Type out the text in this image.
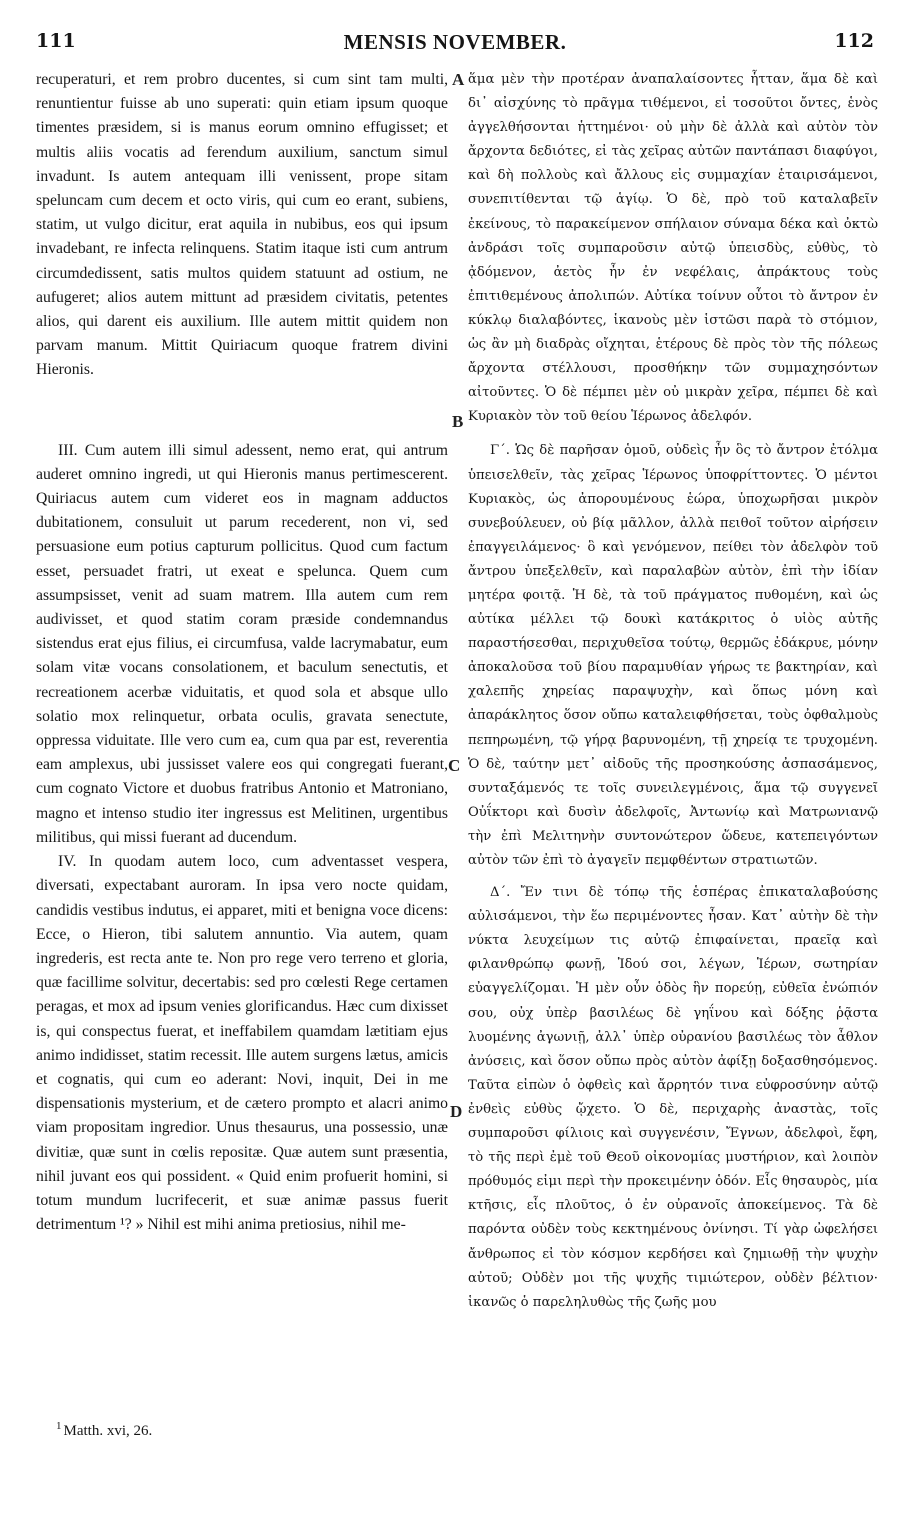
111	MENSIS NOVEMBER.	112

recuperaturi, et rem probro ducentes, si cum sint tam multi, renuntientur fuisse ab uno superati: quin etiam ipsum quoque timentes præsidem, si is manus eorum omnino effugisset; et multis aliis vocatis ad ferendum auxilium, sanctum simul invadunt. Is autem antequam illi venissent, prope sitam speluncam cum decem et octo viris, qui cum eo erant, subiens, statim, ut vulgo dicitur, erat aquila in nubibus, eos qui ipsum invadebant, re infecta relinquens. Statim itaque isti cum antrum circumdedissent, satis multos quidem statuunt ad ostium, ne aufugeret; alios autem mittunt ad præsidem civitatis, petentes alios, qui darent eis auxilium. Ille autem mittit quidem non parvam manum. Mittit Quiriacum quoque fratrem divini Hieronis.

III. Cum autem illi simul adessent, nemo erat, qui antrum auderet omnino ingredi, ut qui Hieronis manus pertimescerent. Quiriacus autem cum videret eos in magnam adductos dubitationem, consuluit ut parum recederent, non vi, sed persuasione eum potius capturum pollicitus. Quod cum factum esset, persuadet fratri, ut exeat e spelunca. Quem cum assumpsisset, venit ad suam matrem. Illa autem cum rem audivisset, et quod statim coram præside condemnandus sistendus erat ejus filius, ei circumfusa, valde lacrymabatur, eum solam vitæ vocans consolationem, et baculum senectutis, et recreationem acerbæ viduitatis, et quod sola et absque ullo solatio mox relinquetur, orbata oculis, gravata senectute, oppressa viduitate. Ille vero cum ea, cum qua par est, reverentia eam amplexus, ubi jussisset valere eos qui congregati fuerant, cum cognato Victore et duobus fratribus Antonio et Matroniano, magno et intenso studio iter ingressus est Melitinen, urgentibus militibus, qui missi fuerant ad ducendum.

IV. In quodam autem loco, cum adventasset vespera, diversati, expectabant auroram. In ipsa vero nocte quidam, candidis vestibus indutus, ei apparet, miti et benigna voce dicens: Ecce, o Hieron, tibi salutem annuntio. Via autem, quam ingrederis, est recta ante te. Non pro rege vero terreno et gloria, quæ facillime solvitur, decertabis: sed pro cœlesti Rege certamen peragas, et mox ad ipsum venies glorificandus. Hæc cum dixisset is, qui conspectus fuerat, et ineffabilem quamdam lætitiam ejus animo indidisset, statim recessit. Ille autem surgens lætus, amicis et cognatis, qui cum eo aderant: Novi, inquit, Dei in me dispensationis mysterium, et de cætero prompto et alacri animo viam propositam ingredior. Unus thesaurus, una possessio, unæ divitiæ, quæ sunt in cœlis repositæ. Quæ autem sunt præsentia, nihil juvant eos qui possident. « Quid enim profuerit homini, si totum mundum lucrifecerit, et suæ animæ passus fuerit detrimentum ¹? » Nihil est mihi anima pretiosius, nihil me-

ἅμα μὲν τὴν προτέραν ἀναπαλαίσοντες ἧτταν, ἅμα δὲ καὶ δι᾽ αἰσχύνης τὸ πρᾶγμα τιθέμενοι, εἰ τοσοῦτοι ὄντες, ἑνὸς ἀγγελθήσονται ἡττημένοι· οὐ μὴν δὲ ἀλλὰ καὶ αὐτὸν τὸν ἄρχοντα δεδιότες, εἰ τὰς χεῖρας αὐτῶν παντάπασι διαφύγοι, καὶ δὴ πολλοὺς καὶ ἄλλους εἰς συμμαχίαν ἑταιρισάμενοι, συνεπιτίθενται τῷ ἁγίῳ. Ὁ δὲ, πρὸ τοῦ καταλαβεῖν ἐκείνους, τὸ παρακείμενον σπήλαιον σύναμα δέκα καὶ ὀκτὼ ἀνδράσι τοῖς συμπαροῦσιν αὐτῷ ὑπεισδὺς, εὐθὺς, τὸ ᾀδόμενον, ἀετὸς ἦν ἐν νεφέλαις, ἀπράκτους τοὺς ἐπιτιθεμένους ἀπολιπών. Αὐτίκα τοίνυν οὗτοι τὸ ἄντρον ἐν κύκλῳ διαλαβόντες, ἱκανοὺς μὲν ἱστῶσι παρὰ τὸ στόμιον, ὡς ἂν μὴ διαδρὰς οἴχηται, ἑτέρους δὲ πρὸς τὸν τῆς πόλεως ἄρχοντα στέλλουσι, προσθήκην τῶν συμμαχησόντων αἰτοῦντες. Ὁ δὲ πέμπει μὲν οὐ μικρὰν χεῖρα, πέμπει δὲ καὶ Κυριακὸν τὸν τοῦ θείου Ἱέρωνος ἀδελφόν.

Γ΄. Ὡς δὲ παρῆσαν ὁμοῦ, οὐδεὶς ἦν ὃς τὸ ἄντρον ἐτόλμα ὑπεισελθεῖν, τὰς χεῖρας Ἱέρωνος ὑποφρίττοντες. Ὁ μέντοι Κυριακὸς, ὡς ἀπορουμένους ἑώρα, ὑποχωρῆσαι μικρὸν συνεβούλευεν, οὐ βίᾳ μᾶλλον, ἀλλὰ πειθοῖ τοῦτον αἱρήσειν ἐπαγγειλάμενος· ὃ καὶ γενόμενον, πείθει τὸν ἀδελφὸν τοῦ ἄντρου ὑπεξελθεῖν, καὶ παραλαβὼν αὐτὸν, ἐπὶ τὴν ἰδίαν μητέρα φοιτᾷ. Ἡ δὲ, τὰ τοῦ πράγματος πυθομένη, καὶ ὡς αὐτίκα μέλλει τῷ δουκὶ κατάκριτος ὁ υἱὸς αὐτῆς παραστήσεσθαι, περιχυθεῖσα τούτῳ, θερμῶς ἐδάκρυε, μόνην ἀποκαλοῦσα τοῦ βίου παραμυθίαν γήρως τε βακτηρίαν, καὶ χαλεπῆς χηρείας παραψυχὴν, καὶ ὅπως μόνη καὶ ἀπαράκλητος ὅσον οὔπω καταλειφθήσεται, τοὺς ὀφθαλμοὺς πεπηρωμένη, τῷ γήρᾳ βαρυνομένη, τῇ χηρείᾳ τε τρυχομένη. Ὁ δὲ, ταύτην μετ᾽ αἰδοῦς τῆς προσηκούσης ἀσπασάμενος, συνταξάμενός τε τοῖς συνειλεγμένοις, ἅμα τῷ συγγενεῖ Οὐΐκτορι καὶ δυσὶν ἀδελφοῖς, Ἀντωνίῳ καὶ Ματρωνιανῷ τὴν ἐπὶ Μελιτηνὴν συντονώτερον ὥδευε, κατεπειγόντων αὐτὸν τῶν ἐπὶ τὸ ἀγαγεῖν πεμφθέντων στρατιωτῶν.

Δ΄. Ἔν τινι δὲ τόπῳ τῆς ἑσπέρας ἐπικαταλαβούσης αὐλισάμενοι, τὴν ἕω περιμένοντες ἦσαν. Κατ᾽ αὐτὴν δὲ τὴν νύκτα λευχείμων τις αὐτῷ ἐπιφαίνεται, πραεῖᾳ καὶ φιλανθρώπῳ φωνῇ, Ἰδού σοι, λέγων, Ἱέρων, σωτηρίαν εὐαγγελίζομαι. Ἡ μὲν οὖν ὁδὸς ἣν πορεύῃ, εὐθεῖα ἐνώπιόν σου, οὐχ ὑπὲρ βασιλέως δὲ γηΐνου καὶ δόξης ῥᾷστα λυομένης ἀγωνιῇ, ἀλλ᾽ ὑπὲρ οὐρανίου βασιλέως τὸν ἆθλον ἀνύσεις, καὶ ὅσον οὔπω πρὸς αὐτὸν ἀφίξῃ δοξασθησόμενος. Ταῦτα εἰπὼν ὁ ὀφθεὶς καὶ ἄρρητόν τινα εὐφροσύνην αὐτῷ ἐνθεὶς εὐθὺς ᾤχετο. Ὁ δὲ, περιχαρὴς ἀναστὰς, τοῖς συμπαροῦσι φίλιοις καὶ συγγενέσιν, Ἔγνων, ἀδελφοὶ, ἔφη, τὸ τῆς περὶ ἐμὲ τοῦ Θεοῦ οἰκονομίας μυστήριον, καὶ λοιπὸν πρόθυμός εἰμι περὶ τὴν προκειμένην ὁδόν. Εἷς θησαυρὸς, μία κτῆσις, εἷς πλοῦτος, ὁ ἐν οὐρανοῖς ἀποκείμενος. Τὰ δὲ παρόντα οὐδὲν τοὺς κεκτημένους ὀνίνησι. Τί γὰρ ὠφελήσει ἄνθρωπος εἰ τὸν κόσμον κερδήσει καὶ ζημιωθῇ τὴν ψυχὴν αὐτοῦ; Οὐδὲν μοι τῆς ψυχῆς τιμιώτερον, οὐδὲν βέλτιον· ἱκανῶς ὁ παρεληλυθὼς τῆς ζωῆς μου

A
B
C
D
$^1$ Matth. xvi, 26.
